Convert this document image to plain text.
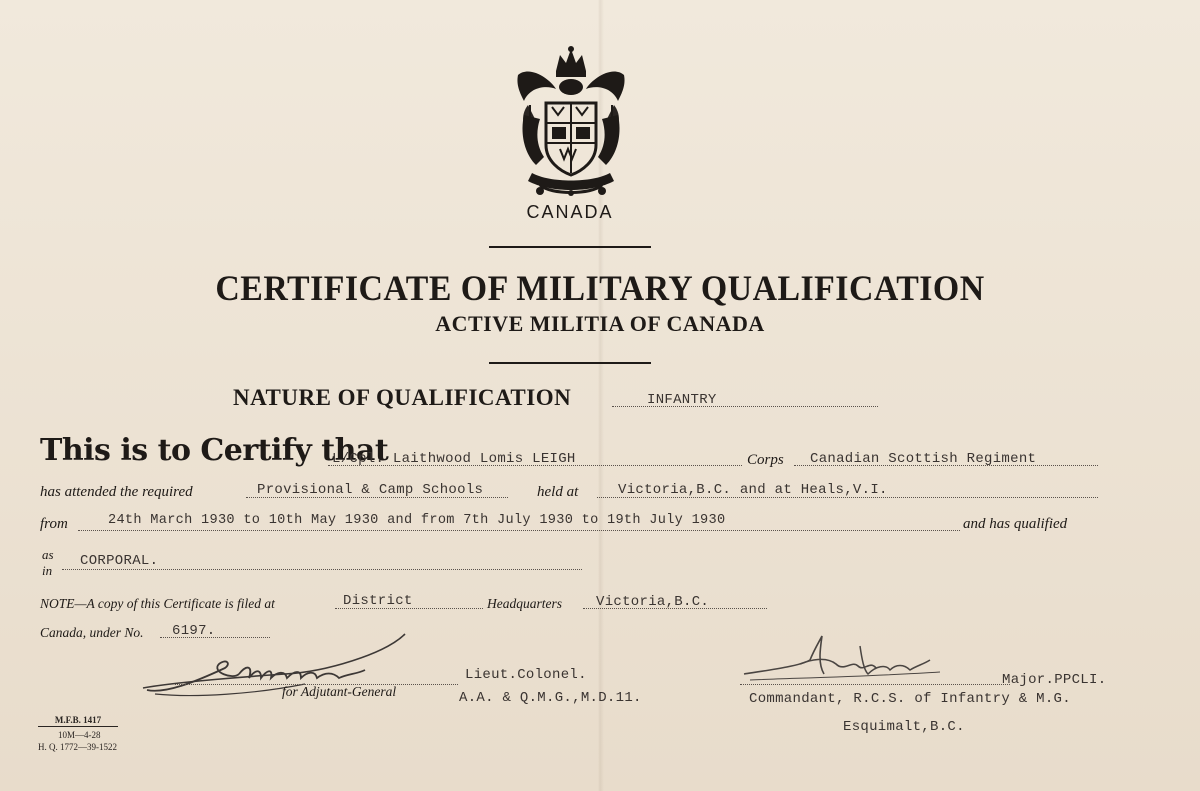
CANADA
CERTIFICATE OF MILITARY QUALIFICATION
ACTIVE MILITIA OF CANADA
NATURE OF QUALIFICATION	INFANTRY
This is to Certify that
L/Cpl. Laithwood Lomis LEIGH	Corps Canadian Scottish Regiment
has attended the required	Provisional & Camp Schools	held at	Victoria,B.C. and at Heals,V.I.
from	24th March 1930 to 10th May 1930 and from 7th July 1930 to 19th July 1930	and has qualified
as
in
CORPORAL.
NOTE—A copy of this Certificate is filed at	District	Headquarters Victoria,B.C.
Canada, under No. 6197.
for Adjutant-General
Lieut.Colonel.
A.A. & Q.M.G.,M.D.11.
Major.PPCLI.
Commandant, R.C.S. of Infantry & M.G.
Esquimalt,B.C.
M.F.B. 1417
10M—4-28
H. Q. 1772—39-1522
